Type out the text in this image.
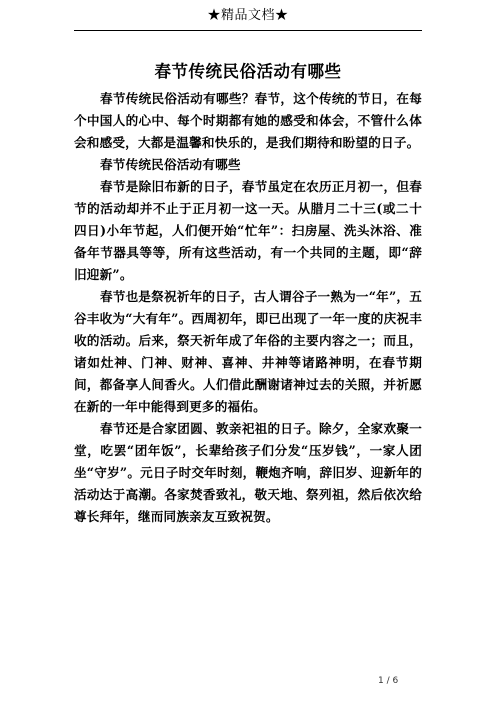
★精品文档★
春节传统民俗活动有哪些

春节传统民俗活动有哪些？春节，这个传统的节日，在每个中国人的心中、每个时期都有她的感受和体会，不管什么体会和感受，大都是温馨和快乐的，是我们期待和盼望的日子。

春节传统民俗活动有哪些

春节是除旧布新的日子，春节虽定在农历正月初一，但春节的活动却并不止于正月初一这一天。从腊月二十三(或二十四日)小年节起，人们便开始“忙年”：扫房屋、洗头沐浴、准备年节器具等等，所有这些活动，有一个共同的主题，即“辞旧迎新”。

春节也是祭祝祈年的日子，古人谓谷子一熟为一“年”，五谷丰收为“大有年”。西周初年，即已出现了一年一度的庆祝丰收的活动。后来，祭天祈年成了年俗的主要内容之一；而且，诸如灶神、门神、财神、喜神、井神等诸路神明，在春节期间，都备享人间香火。人们借此酬谢诸神过去的关照，并祈愿在新的一年中能得到更多的福佑。

春节还是合家团圆、敦亲祀祖的日子。除夕，全家欢聚一堂，吃罢“团年饭”，长辈给孩子们分发“压岁钱”，一家人团坐“守岁”。元日子时交年时刻，鞭炮齐响，辞旧岁、迎新年的活动达于高潮。各家焚香致礼，敬天地、祭列祖，然后依次给尊长拜年，继而同族亲友互致祝贺。

1 / 6
